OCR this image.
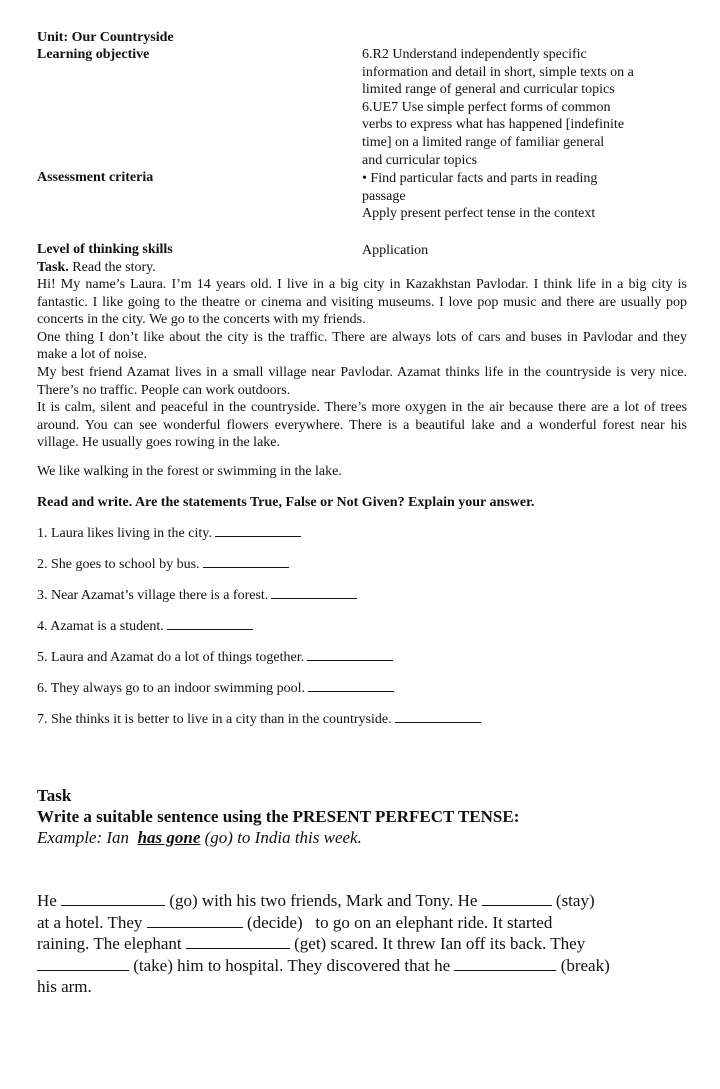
Unit: Our Countryside
Learning objective	6.R2 Understand independently specific
information and detail in short, simple texts on a
limited range of general and curricular topics
6.UE7 Use simple perfect forms of common
verbs to express what has happened [indefinite
time] on a limited range of familiar general
and curricular topics
Assessment criteria	• Find particular facts and parts in reading
passage
Apply present perfect tense in the context
Level of thinking skills	Application
Task. Read the story.

Hi! My name’s Laura. I’m 14 years old. I live in a big city in Kazakhstan Pavlodar. I think life in a big city is fantastic. I like going to the theatre or cinema and visiting museums. I love pop music and there are usually pop concerts in the city. We go to the concerts with my friends.

One thing I don’t like about the city is the traffic. There are always lots of cars and buses in Pavlodar and they make a lot of noise.

My best friend Azamat lives in a small village near Pavlodar. Azamat thinks life in the countryside is very nice. There’s no traffic. People can work outdoors.

It is calm, silent and peaceful in the countryside. There’s more oxygen in the air because there are a lot of trees around. You can see wonderful flowers everywhere. There is a beautiful lake and a wonderful forest near his village. He usually goes rowing in the lake.

We like walking in the forest or swimming in the lake.
Read and write. Are the statements True, False or Not Given? Explain your answer.
1. Laura likes living in the city.
2. She goes to school by bus.
3. Near Azamat’s village there is a forest.
4. Azamat is a student.
5. Laura and Azamat do a lot of things together.
6. They always go to an indoor swimming pool.
7. She thinks it is better to live in a city than in the countryside.
Task
Write a suitable sentence using the PRESENT PERFECT TENSE:
Example: Ian has gone (go) to India this week.
He	(go) with his two friends, Mark and Tony. He	(stay)
at a hotel. They	(decide) to go on an elephant ride. It started
raining. The elephant	(get) scared. It threw Ian off its back. They
(take) him to hospital. They discovered that he	(break)
his arm.
